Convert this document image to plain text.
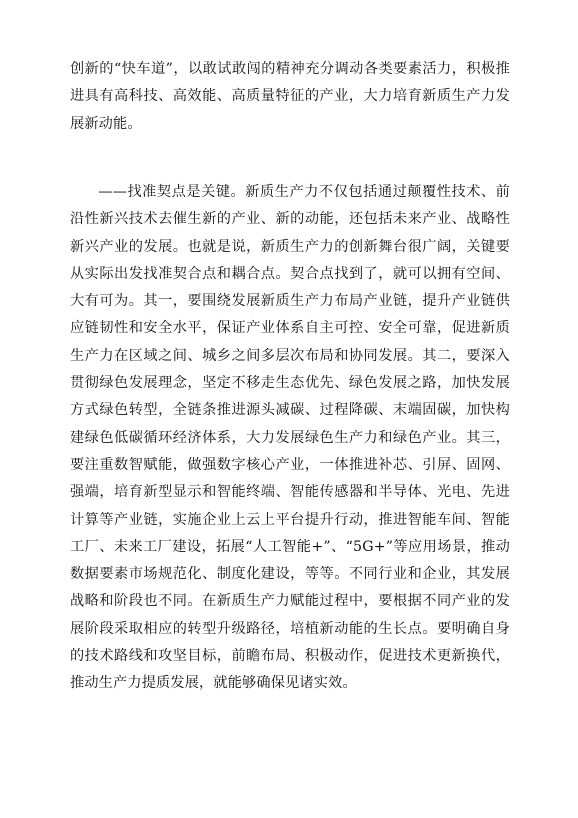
创新的“快车道”，以敢试敢闯的精神充分调动各类要素活力，积极推进具有高科技、高效能、高质量特征的产业，大力培育新质生产力发展新动能。

——找准契点是关键。新质生产力不仅包括通过颠覆性技术、前沿性新兴技术去催生新的产业、新的动能，还包括未来产业、战略性新兴产业的发展。也就是说，新质生产力的创新舞台很广阔，关键要从实际出发找准契合点和耦合点。契合点找到了，就可以拥有空间、大有可为。其一，要围绕发展新质生产力布局产业链，提升产业链供应链韧性和安全水平，保证产业体系自主可控、安全可靠，促进新质生产力在区域之间、城乡之间多层次布局和协同发展。其二，要深入贯彻绿色发展理念，坚定不移走生态优先、绿色发展之路，加快发展方式绿色转型，全链条推进源头减碳、过程降碳、末端固碳，加快构建绿色低碳循环经济体系，大力发展绿色生产力和绿色产业。其三，要注重数智赋能，做强数字核心产业，一体推进补芯、引屏、固网、强端，培育新型显示和智能终端、智能传感器和半导体、光电、先进计算等产业链，实施企业上云上平台提升行动，推进智能车间、智能工厂、未来工厂建设，拓展“人工智能+”、“5G+”等应用场景，推动数据要素市场规范化、制度化建设，等等。不同行业和企业，其发展战略和阶段也不同。在新质生产力赋能过程中，要根据不同产业的发展阶段采取相应的转型升级路径，培植新动能的生长点。要明确自身的技术路线和攻坚目标，前瞻布局、积极动作，促进技术更新换代，推动生产力提质发展，就能够确保见诸实效。
